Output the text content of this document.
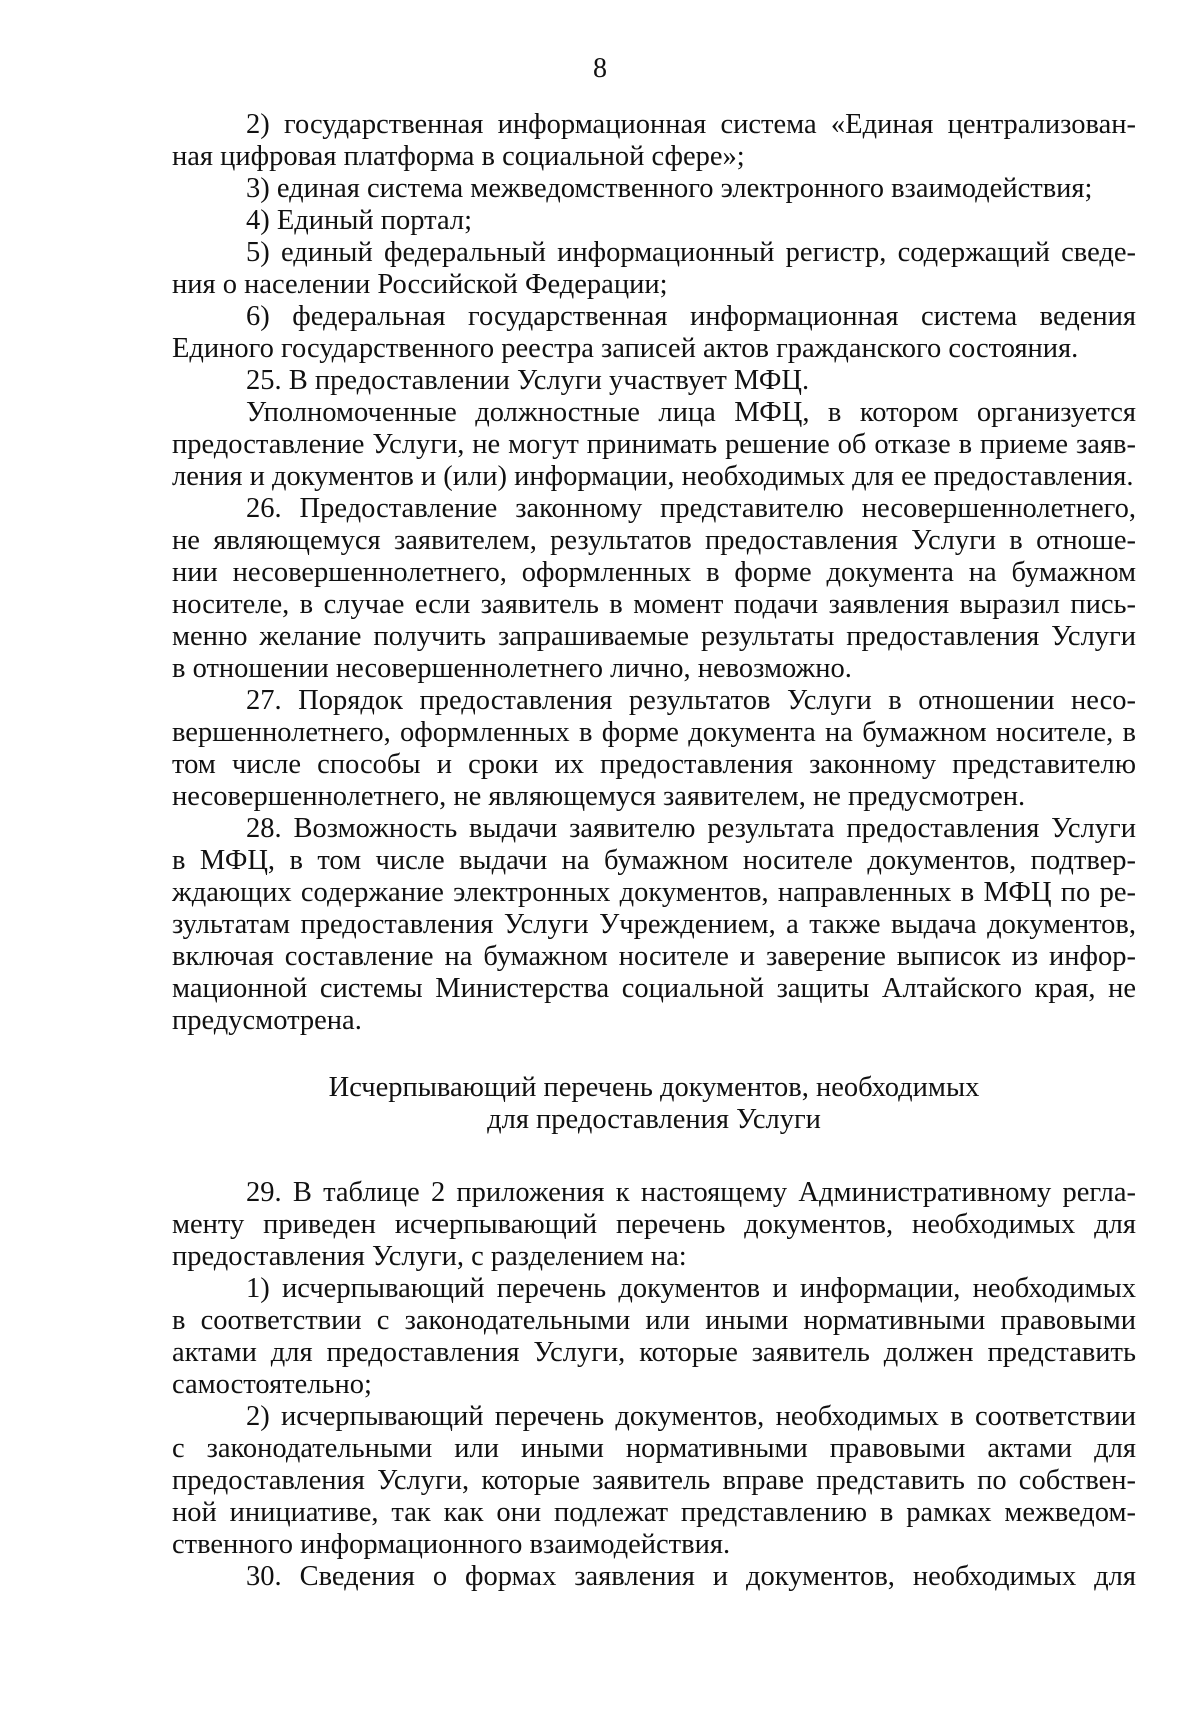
8
2) государственная информационная система «Единая централизован-
ная цифровая платформа в социальной сфере»;
3) единая система межведомственного электронного взаимодействия;
4) Единый портал;
5) единый федеральный информационный регистр, содержащий сведе-
ния о населении Российской Федерации;
6) федеральная государственная информационная система ведения
Единого государственного реестра записей актов гражданского состояния.
25. В предоставлении Услуги участвует МФЦ.
Уполномоченные должностные лица МФЦ, в котором организуется
предоставление Услуги, не могут принимать решение об отказе в приеме заяв-
ления и документов и (или) информации, необходимых для ее предоставления.
26. Предоставление законному представителю несовершеннолетнего,
не являющемуся заявителем, результатов предоставления Услуги в отноше-
нии несовершеннолетнего, оформленных в форме документа на бумажном
носителе, в случае если заявитель в момент подачи заявления выразил пись-
менно желание получить запрашиваемые результаты предоставления Услуги
в отношении несовершеннолетнего лично, невозможно.
27. Порядок предоставления результатов Услуги в отношении несо-
вершеннолетнего, оформленных в форме документа на бумажном носителе, в
том числе способы и сроки их предоставления законному представителю
несовершеннолетнего, не являющемуся заявителем, не предусмотрен.
28. Возможность выдачи заявителю результата предоставления Услуги
в МФЦ, в том числе выдачи на бумажном носителе документов, подтвер-
ждающих содержание электронных документов, направленных в МФЦ по ре-
зультатам предоставления Услуги Учреждением, а также выдача документов,
включая составление на бумажном носителе и заверение выписок из инфор-
мационной системы Министерства социальной защиты Алтайского края, не
предусмотрена.
Исчерпывающий перечень документов, необходимых
для предоставления Услуги
29. В таблице 2 приложения к настоящему Административному регла-
менту приведен исчерпывающий перечень документов, необходимых для
предоставления Услуги, с разделением на:
1) исчерпывающий перечень документов и информации, необходимых
в соответствии с законодательными или иными нормативными правовыми
актами для предоставления Услуги, которые заявитель должен представить
самостоятельно;
2) исчерпывающий перечень документов, необходимых в соответствии
с законодательными или иными нормативными правовыми актами для
предоставления Услуги, которые заявитель вправе представить по собствен-
ной инициативе, так как они подлежат представлению в рамках межведом-
ственного информационного взаимодействия.
30. Сведения о формах заявления и документов, необходимых для
